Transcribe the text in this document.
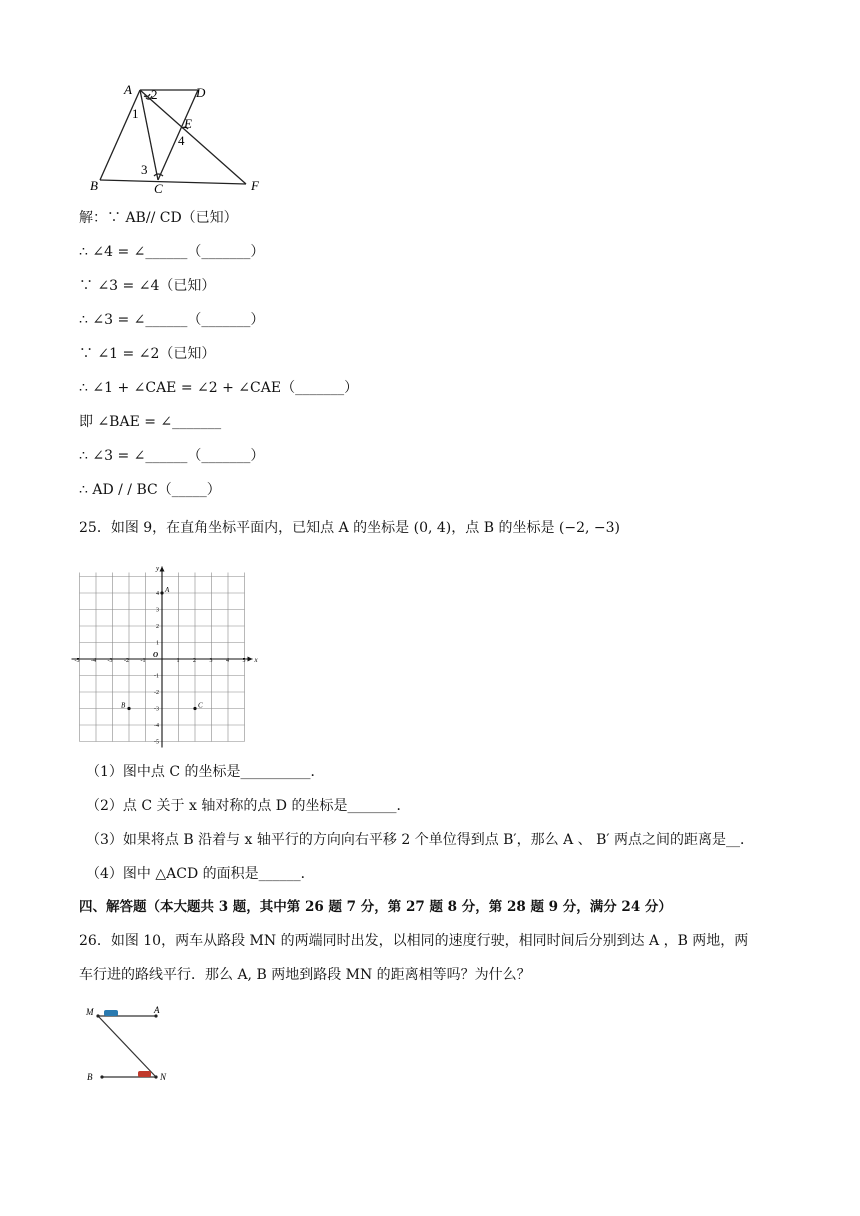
A	D
2
1
E
4
3
B	C	F
解：∵ AB// CD（已知）
∴ ∠4 = ∠______（_______）
∵ ∠3 = ∠4（已知）
∴ ∠3 = ∠______（_______）
∵ ∠1 = ∠2（已知）
∴ ∠1 + ∠CAE = ∠2 + ∠CAE（_______）
即 ∠BAE = ∠_______
∴ ∠3 = ∠______（_______）
∴ AD / / BC（_____）
25．如图 9，在直角坐标平面内，已知点 A 的坐标是 (0, 4)，点 B 的坐标是 (−2, −3)
x
y
O
-5 -4 -3 -2 -1	1 2 3 4 5
4
3
2
1
-1
-2
-3
-4
-5
A
B	C
（1）图中点 C 的坐标是__________．
（2）点 C 关于 x 轴对称的点 D 的坐标是_______．
（3）如果将点 B 沿着与 x 轴平行的方向向右平移 2 个单位得到点 B′，那么 A 、 B′ 两点之间的距离是__．
（4）图中 △ACD 的面积是______．
四、解答题（本大题共 3 题，其中第 26 题 7 分，第 27 题 8 分，第 28 题 9 分，满分 24 分）
26．如图 10，两车从路段 MN 的两端同时出发，以相同的速度行驶，相同时间后分别到达 A ，B 两地，两
车行进的路线平行．那么 A, B 两地到路段 MN 的距离相等吗？为什么？
M	A
B	N
